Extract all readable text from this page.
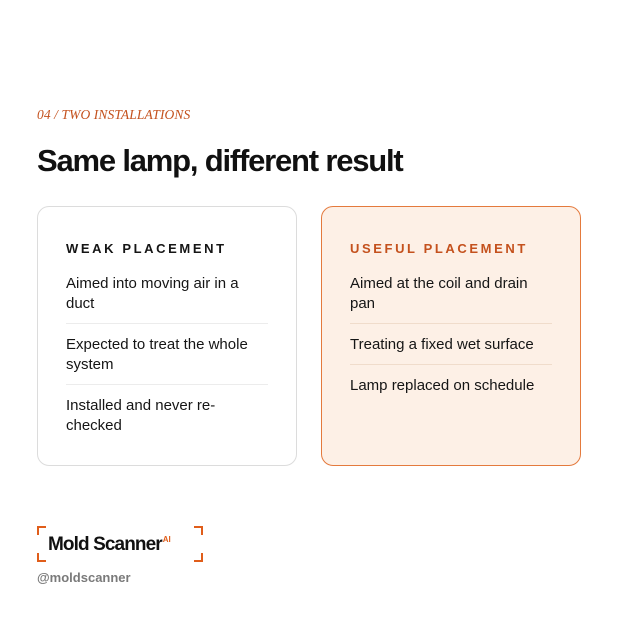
04 / TWO INSTALLATIONS
Same lamp, different result
WEAK PLACEMENT
Aimed into moving air in a duct
Expected to treat the whole system
Installed and never re-checked
USEFUL PLACEMENT
Aimed at the coil and drain pan
Treating a fixed wet surface
Lamp replaced on schedule
Mold Scanner$^{AI}$
@moldscanner
